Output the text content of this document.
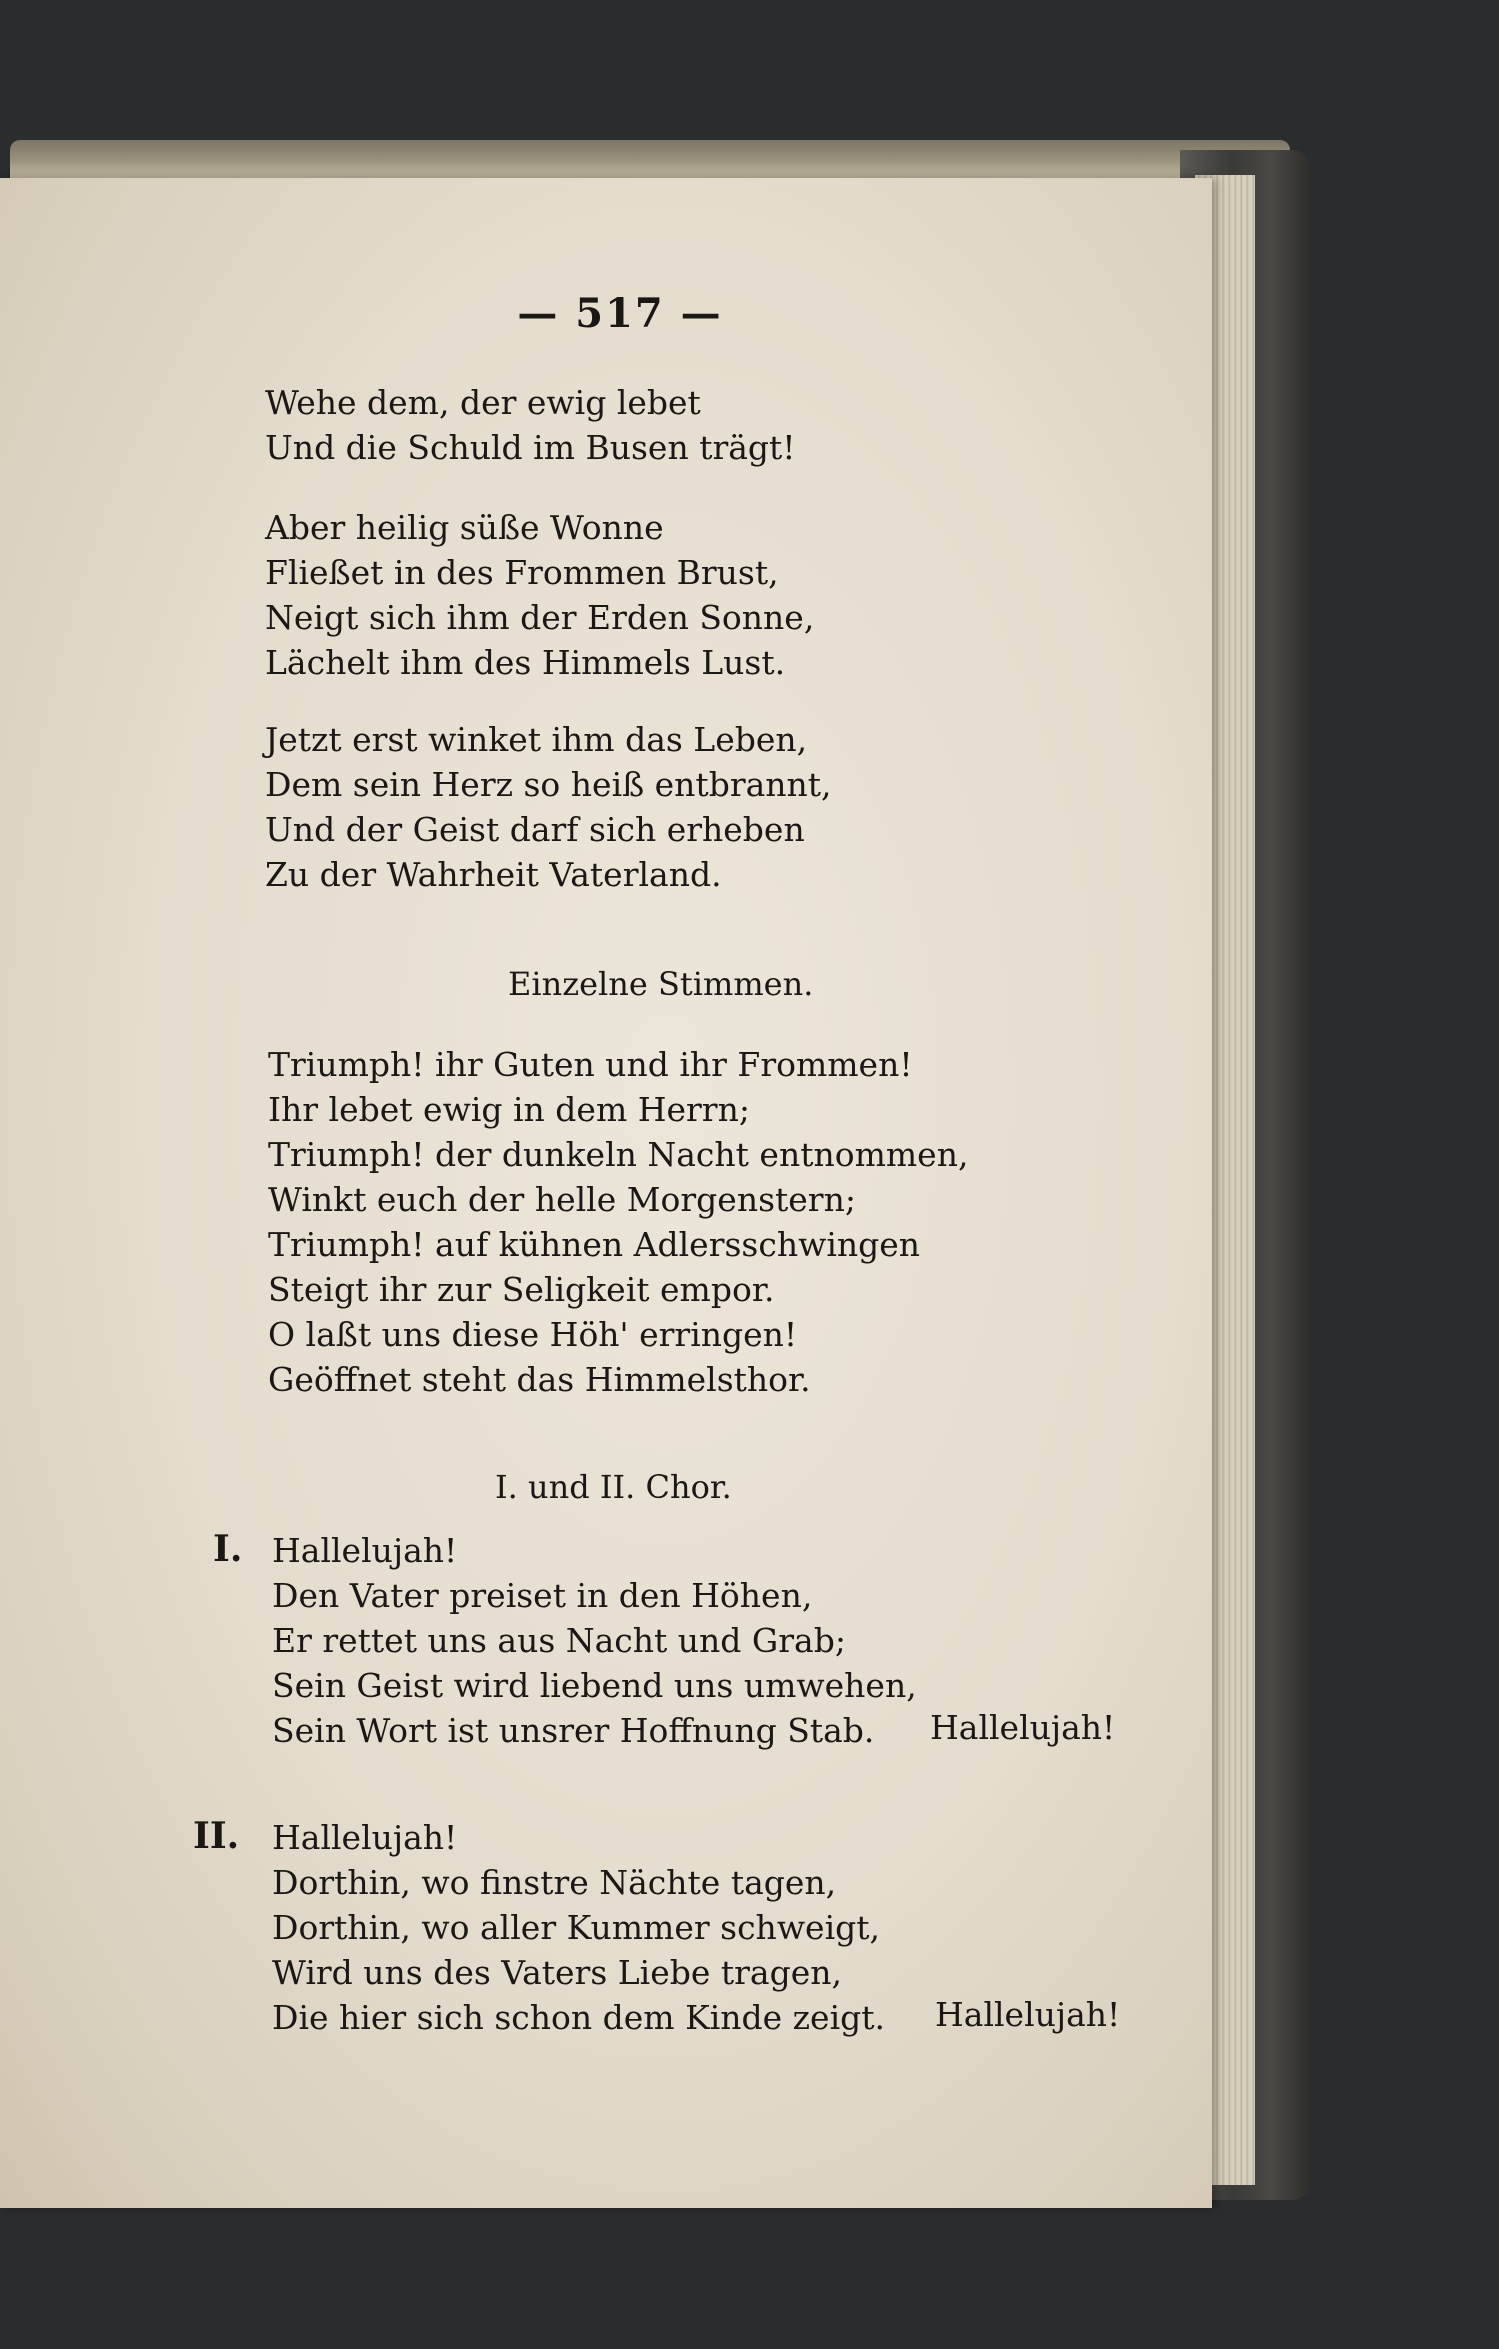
— 517 —
Wehe dem, der ewig lebet
Und die Schuld im Busen trägt!
Aber heilig süße Wonne
Fließet in des Frommen Brust,
Neigt sich ihm der Erden Sonne,
Lächelt ihm des Himmels Lust.
Jetzt erst winket ihm das Leben,
Dem sein Herz so heiß entbrannt,
Und der Geist darf sich erheben
Zu der Wahrheit Vaterland.
Einzelne Stimmen.
Triumph! ihr Guten und ihr Frommen!
Ihr lebet ewig in dem Herrn;
Triumph! der dunkeln Nacht entnommen,
Winkt euch der helle Morgenstern;
Triumph! auf kühnen Adlersschwingen
Steigt ihr zur Seligkeit empor.
O laßt uns diese Höh' erringen!
Geöffnet steht das Himmelsthor.
I. und II. Chor.
I. Hallelujah!
Den Vater preiset in den Höhen,
Er rettet uns aus Nacht und Grab;
Sein Geist wird liebend uns umwehen,
Sein Wort ist unsrer Hoffnung Stab.	Hallelujah!
II. Hallelujah!
Dorthin, wo finstre Nächte tagen,
Dorthin, wo aller Kummer schweigt,
Wird uns des Vaters Liebe tragen,
Die hier sich schon dem Kinde zeigt. Hallelujah!
